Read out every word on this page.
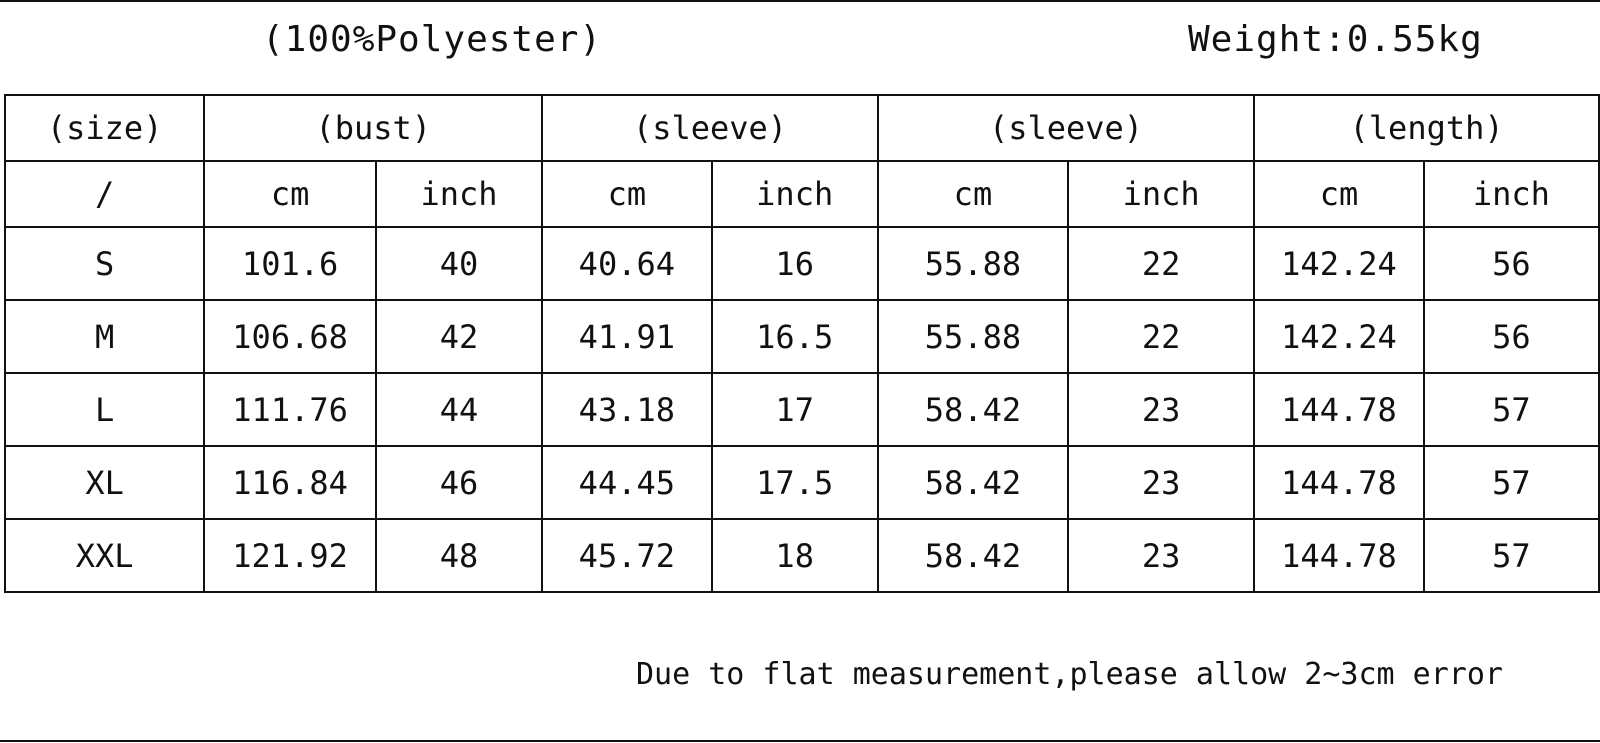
(100%Polyester)	Weight:0.55kg
(size)	(bust)		(sleeve)		(sleeve)		(length)	
/	cm	inch	cm	inch	cm	inch	cm	inch
S	101.6	40	40.64	16	55.88	22	142.24	56
M	106.68	42	41.91	16.5	55.88	22	142.24	56
L	111.76	44	43.18	17	58.42	23	144.78	57
XL	116.84	46	44.45	17.5	58.42	23	144.78	57
XXL	121.92	48	45.72	18	58.42	23	144.78	57
Due to flat measurement,please allow 2~3cm error
